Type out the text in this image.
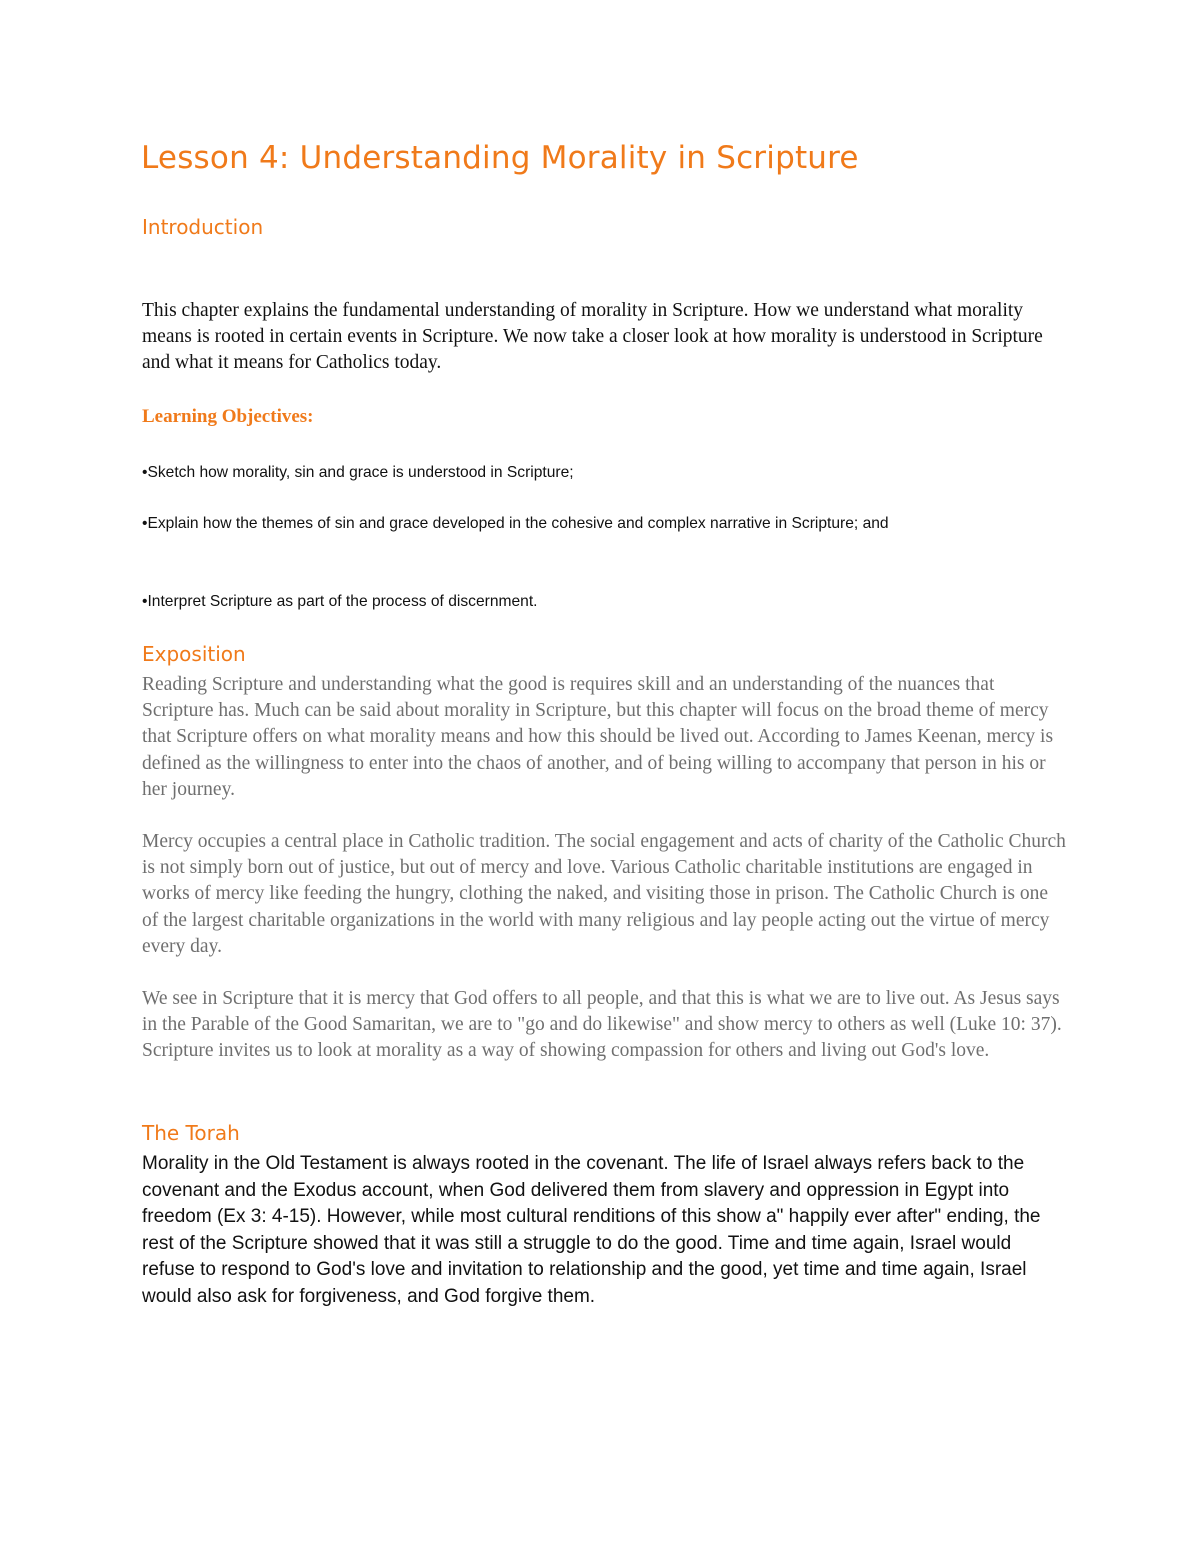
Lesson 4: Understanding Morality in Scripture
Introduction

This chapter explains the fundamental understanding of morality in Scripture. How we understand what morality means is rooted in certain events in Scripture. We now take a closer look at how morality is understood in Scripture and what it means for Catholics today.

Learning Objectives:

•Sketch how morality, sin and grace is understood in Scripture;

•Explain how the themes of sin and grace developed in the cohesive and complex narrative in Scripture; and

•Interpret Scripture as part of the process of discernment.

Exposition

Reading Scripture and understanding what the good is requires skill and an understanding of the nuances that Scripture has. Much can be said about morality in Scripture, but this chapter will focus on the broad theme of mercy that Scripture offers on what morality means and how this should be lived out. According to James Keenan, mercy is defined as the willingness to enter into the chaos of another, and of being willing to accompany that person in his or her journey.

Mercy occupies a central place in Catholic tradition. The social engagement and acts of charity of the Catholic Church is not simply born out of justice, but out of mercy and love. Various Catholic charitable institutions are engaged in works of mercy like feeding the hungry, clothing the naked, and visiting those in prison. The Catholic Church is one of the largest charitable organizations in the world with many religious and lay people acting out the virtue of mercy every day.

We see in Scripture that it is mercy that God offers to all people, and that this is what we are to live out. As Jesus says in the Parable of the Good Samaritan, we are to "go and do likewise" and show mercy to others as well (Luke 10: 37). Scripture invites us to look at morality as a way of showing compassion for others and living out God's love.

The Torah

Morality in the Old Testament is always rooted in the covenant. The life of Israel always refers back to the covenant and the Exodus account, when God delivered them from slavery and oppression in Egypt into freedom (Ex 3: 4-15). However, while most cultural renditions of this show a" happily ever after" ending, the rest of the Scripture showed that it was still a struggle to do the good. Time and time again, Israel would refuse to respond to God's love and invitation to relationship and the good, yet time and time again, Israel would also ask for forgiveness, and God forgive them.
